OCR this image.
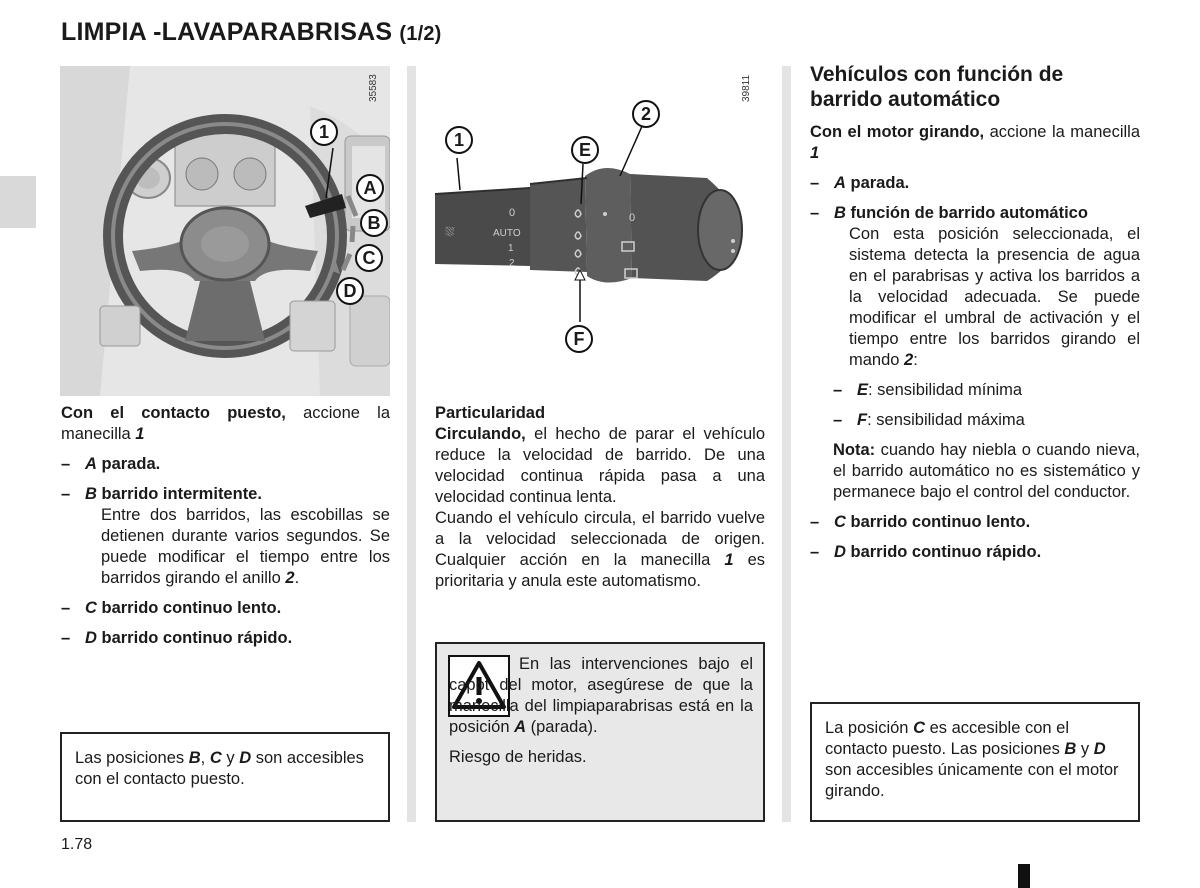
LIMPIA -LAVAPARABRISAS (1/2)
35583
1
A
B
C
D
⛆	AUTO
0
1
2
0
39811
1
2
E
F

Con el contacto puesto, accione la manecilla 1

– A parada.
– B barrido intermitente.
Entre dos barridos, las escobillas se detienen durante varios segundos. Se puede modificar el tiempo entre los barridos girando el anillo 2.
– C barrido continuo lento.
– D barrido continuo rápido.
Las posiciones B, C y D son accesibles con el contacto puesto.
Particularidad

Circulando, el hecho de parar el vehículo reduce la velocidad de barrido. De una velocidad continua rápida pasa a una velocidad continua lenta.

Cuando el vehículo circula, el barrido vuelve a la velocidad seleccionada de origen. Cualquier acción en la manecilla 1 es prioritaria y anula este automatismo.

En las intervenciones bajo el capot del motor, asegúrese de que la manecilla del limpiaparabrisas está en la posición A (parada).

Riesgo de heridas.

Vehículos con función de barrido automático

Con el motor girando, accione la manecilla 1

– A parada.
– B función de barrido automático
Con esta posición seleccionada, el sistema detecta la presencia de agua en el parabrisas y activa los barridos a la velocidad adecuada. Se puede modificar el umbral de activación y el tiempo entre los barridos girando el mando 2:
– E: sensibilidad mínima
– F: sensibilidad máxima

Nota: cuando hay niebla o cuando nieva, el barrido automático no es sistemático y permanece bajo el control del conductor.

– C barrido continuo lento.
– D barrido continuo rápido.
La posición C es accesible con el contacto puesto. Las posiciones B y D son accesibles únicamente con el motor girando.
1.78
